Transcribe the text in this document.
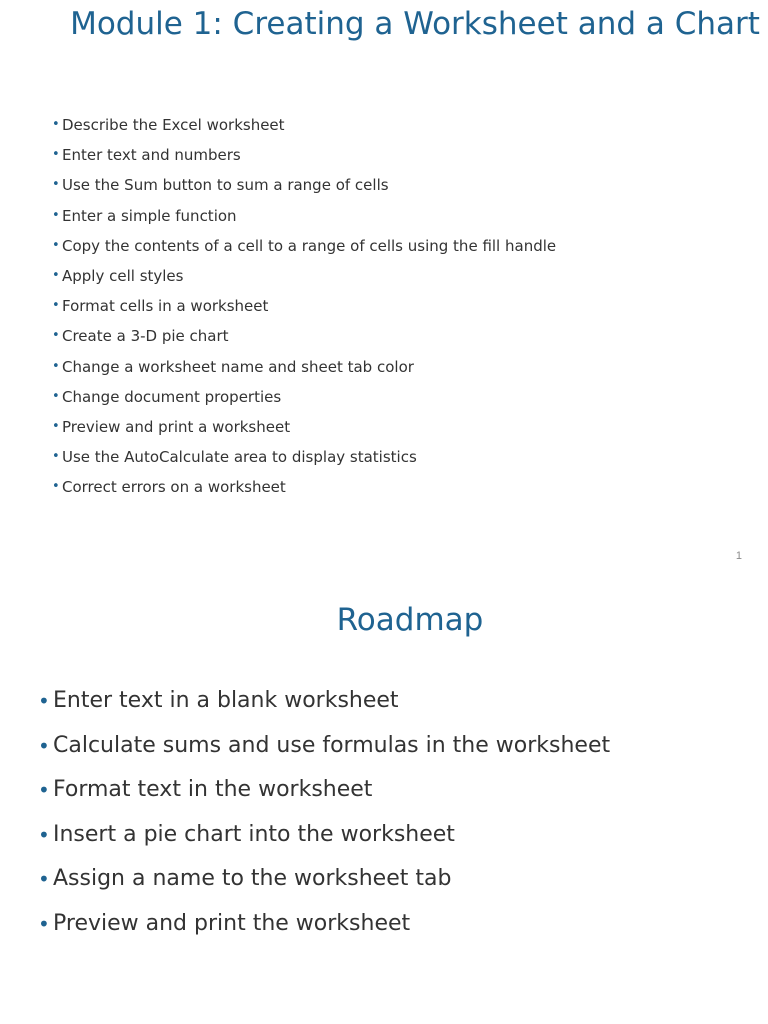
Module 1: Creating a Worksheet and a Chart
• Describe the Excel worksheet
• Enter text and numbers
• Use the Sum button to sum a range of cells
• Enter a simple function
• Copy the contents of a cell to a range of cells using the fill handle
• Apply cell styles
• Format cells in a worksheet
• Create a 3-D pie chart
• Change a worksheet name and sheet tab color
• Change document properties
• Preview and print a worksheet
• Use the AutoCalculate area to display statistics
• Correct errors on a worksheet
1
Roadmap
• Enter text in a blank worksheet
• Calculate sums and use formulas in the worksheet
• Format text in the worksheet
• Insert a pie chart into the worksheet
• Assign a name to the worksheet tab
• Preview and print the worksheet
